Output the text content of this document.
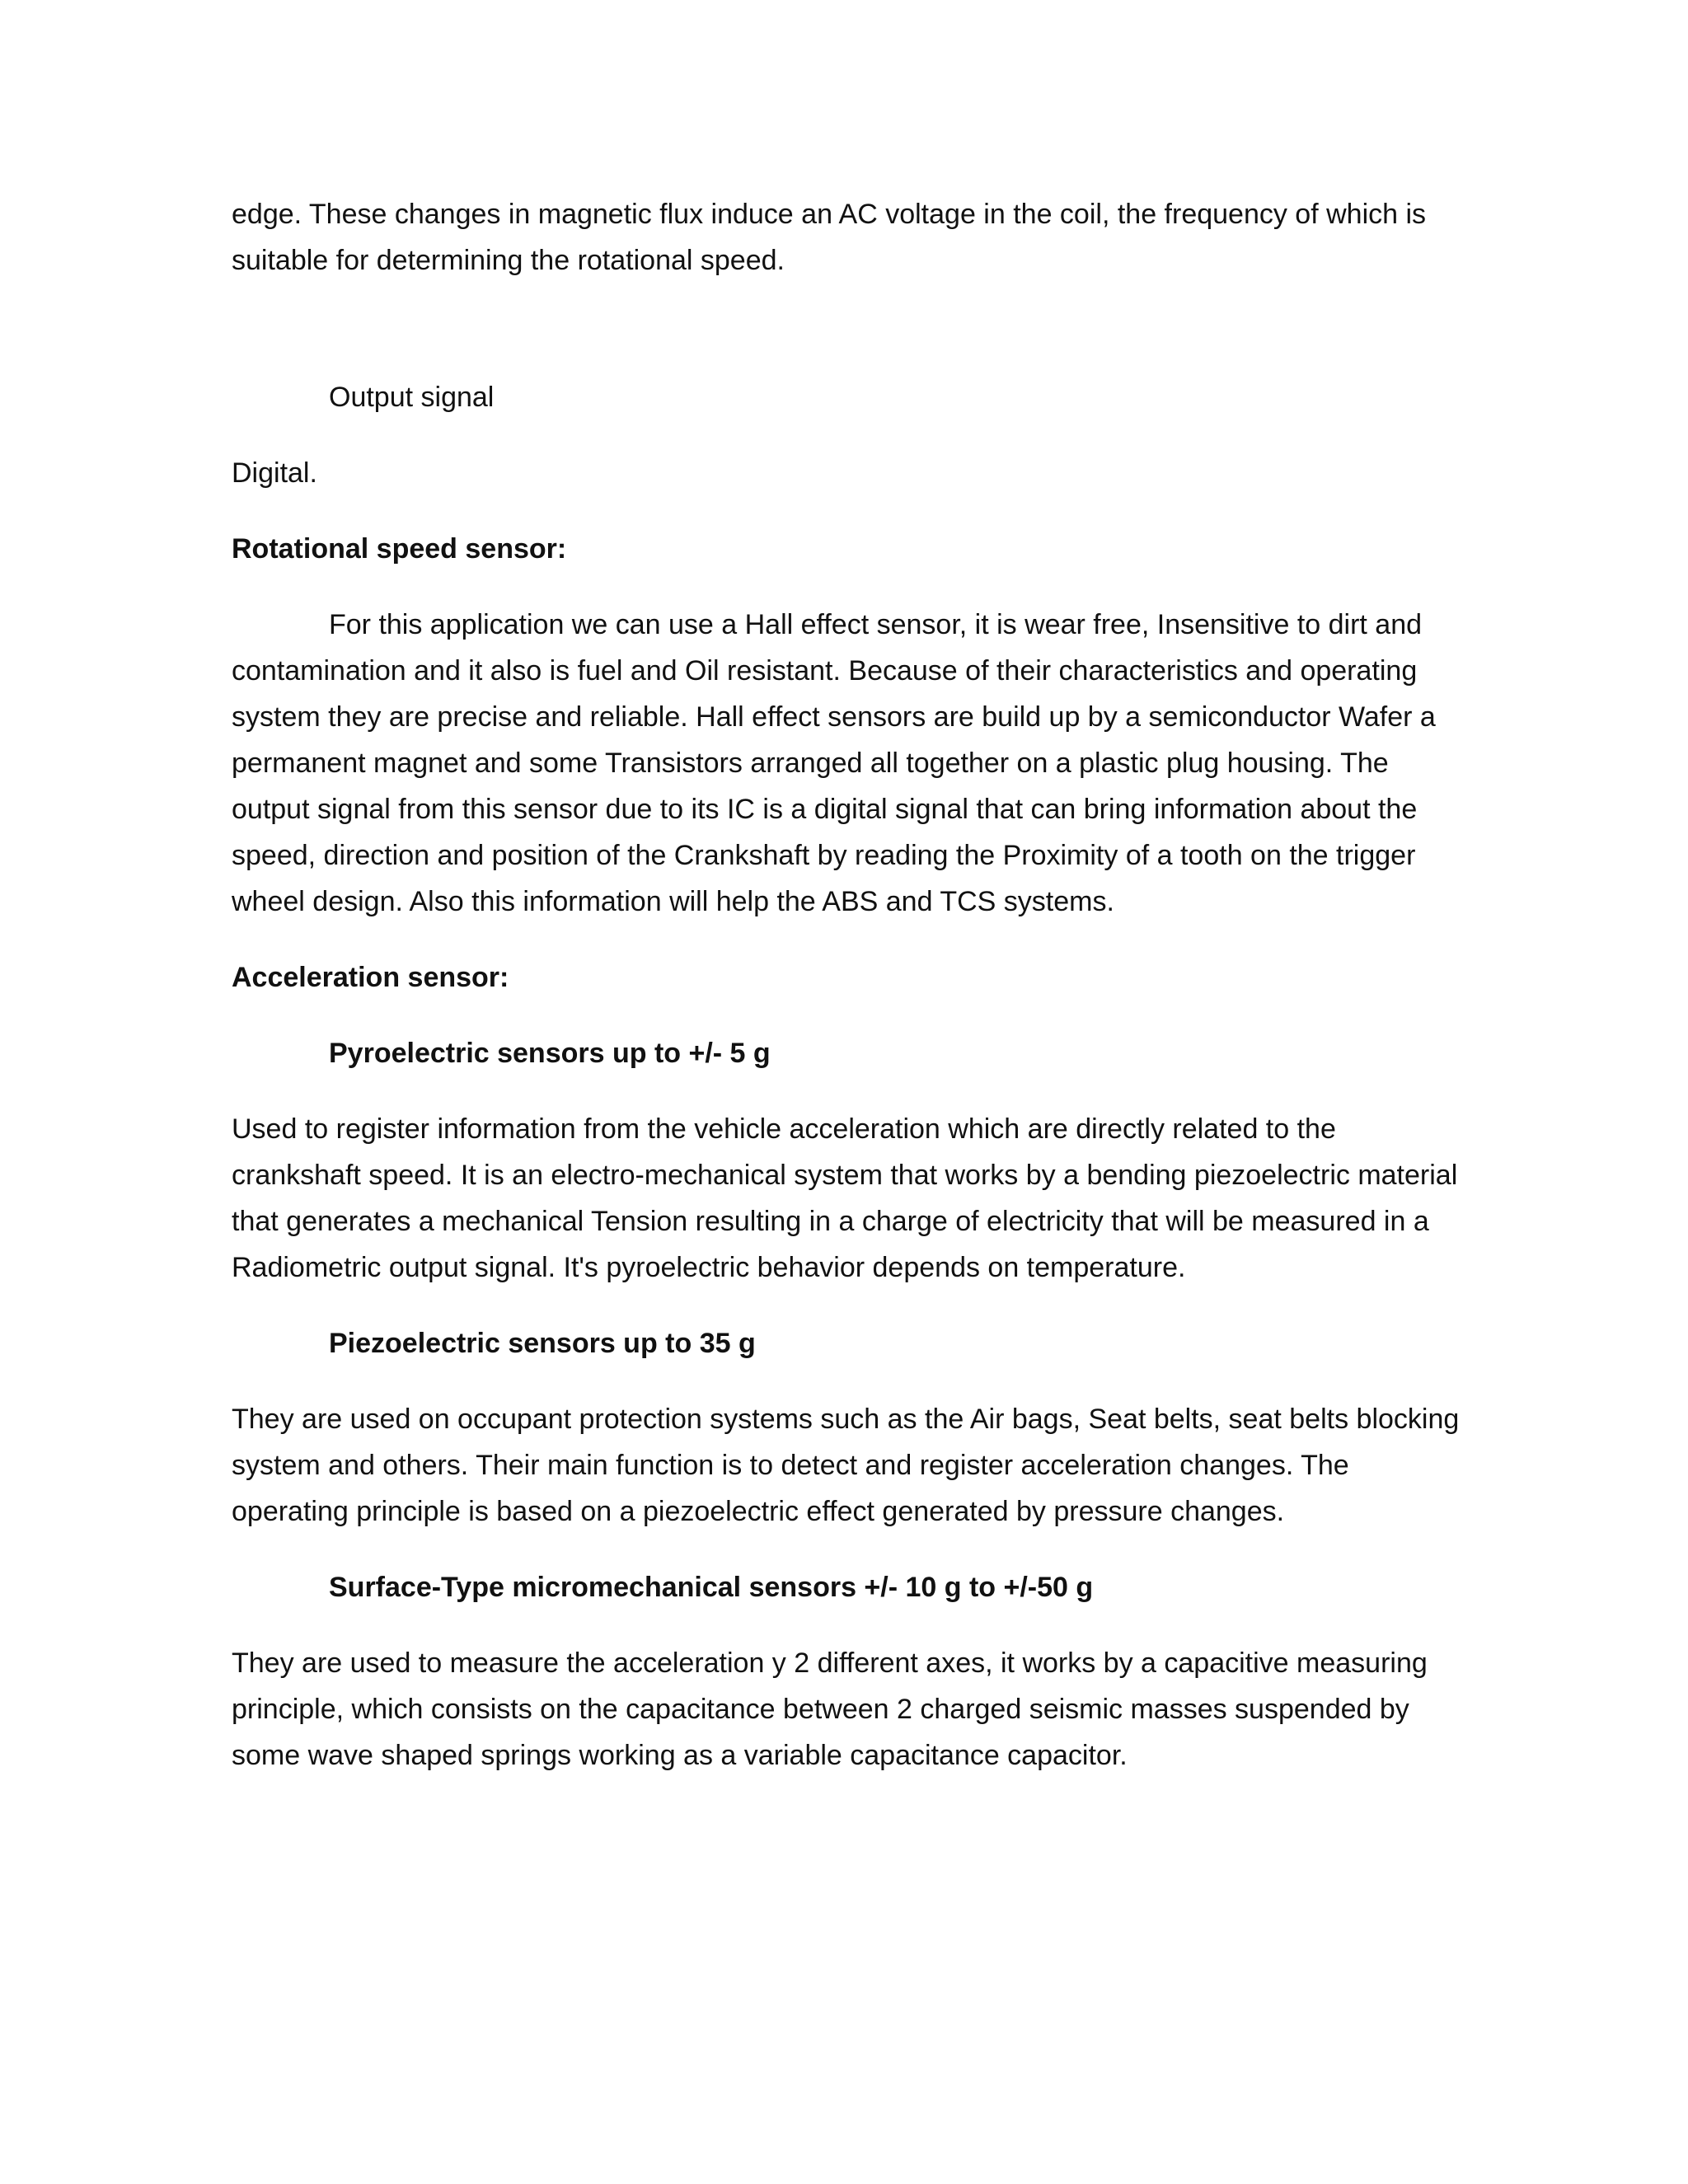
edge. These changes in magnetic flux induce an AC voltage in the coil, the frequency of which is suitable for determining the rotational speed.

Output signal

Digital.

Rotational speed sensor:

For this application we can use a Hall effect sensor, it is wear free, Insensitive to dirt and contamination and it also is fuel and Oil resistant. Because of their characteristics and operating system they are precise and reliable. Hall effect sensors are build up by a semiconductor Wafer a permanent magnet and some Transistors arranged all together on a plastic plug housing. The output signal from this sensor due to its IC is a digital signal that can bring information about the speed, direction and position of the Crankshaft by reading the Proximity of a tooth on the trigger wheel design. Also this information will help the ABS and TCS systems.

Acceleration sensor:

Pyroelectric sensors up to +/- 5 g

Used to register information from the vehicle acceleration which are directly related to the crankshaft speed. It is an electro-mechanical system that works by a bending piezoelectric material that generates a mechanical Tension resulting in a charge of electricity that will be measured in a Radiometric output signal. It's pyroelectric behavior depends on temperature.

Piezoelectric sensors up to 35 g

They are used on occupant protection systems such as the Air bags, Seat belts, seat belts blocking system and others. Their main function is to detect and register acceleration changes. The operating principle is based on a piezoelectric effect generated by pressure changes.

Surface-Type micromechanical sensors +/- 10 g to +/-50 g

They are used to measure the acceleration y 2 different axes, it works by a capacitive measuring principle, which consists on the capacitance between 2 charged seismic masses suspended by some wave shaped springs working as a variable capacitance capacitor.
